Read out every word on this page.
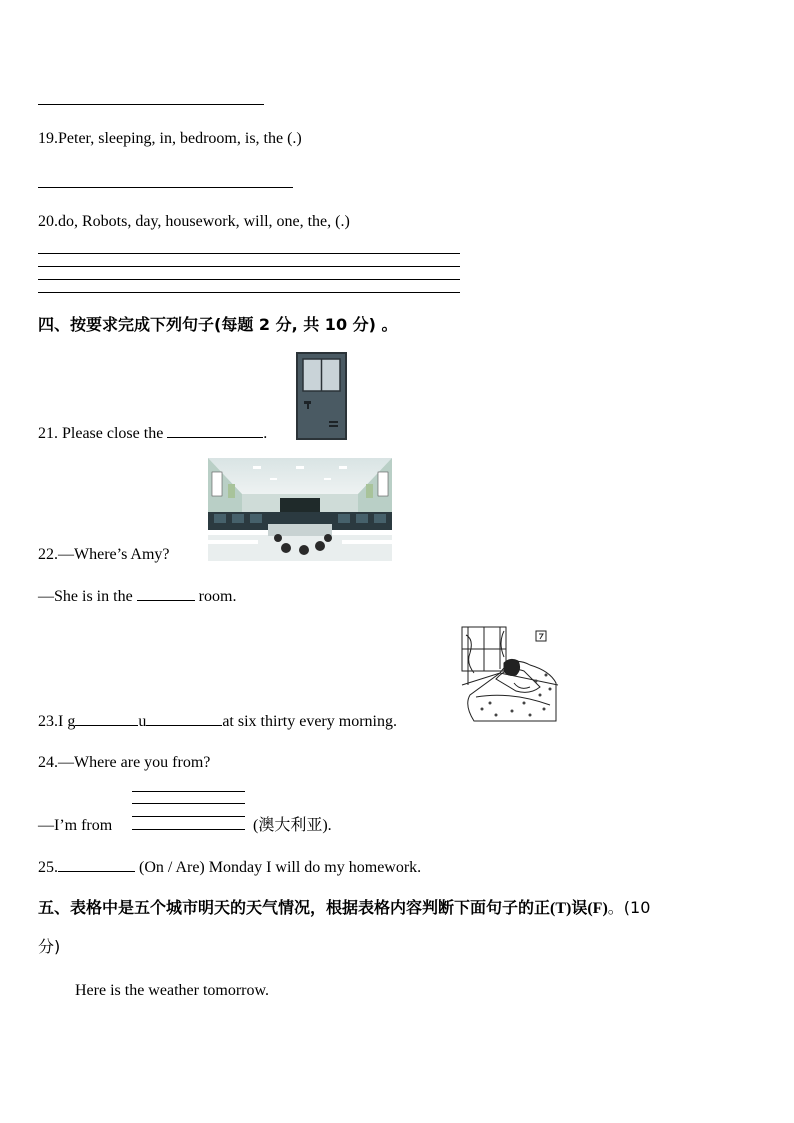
19.Peter, sleeping, in, bedroom, is, the (.)
20.do, Robots, day, housework, will, one, the, (.)
四、按要求完成下列句子(每题 2 分, 共 10 分) 。
21. Please close the	.
22.—Where’s Amy?
—She is in the	room.
23.I g	u	at six thirty every morning.
24.—Where are you from?
—I’m from	(澳大利亚).
25.	(On / Are) Monday I will do my homework.
五、表格中是五个城市明天的天气情况，根据表格内容判断下面句子的正(T)误(F)。(10
分)
Here is the weather tomorrow.
